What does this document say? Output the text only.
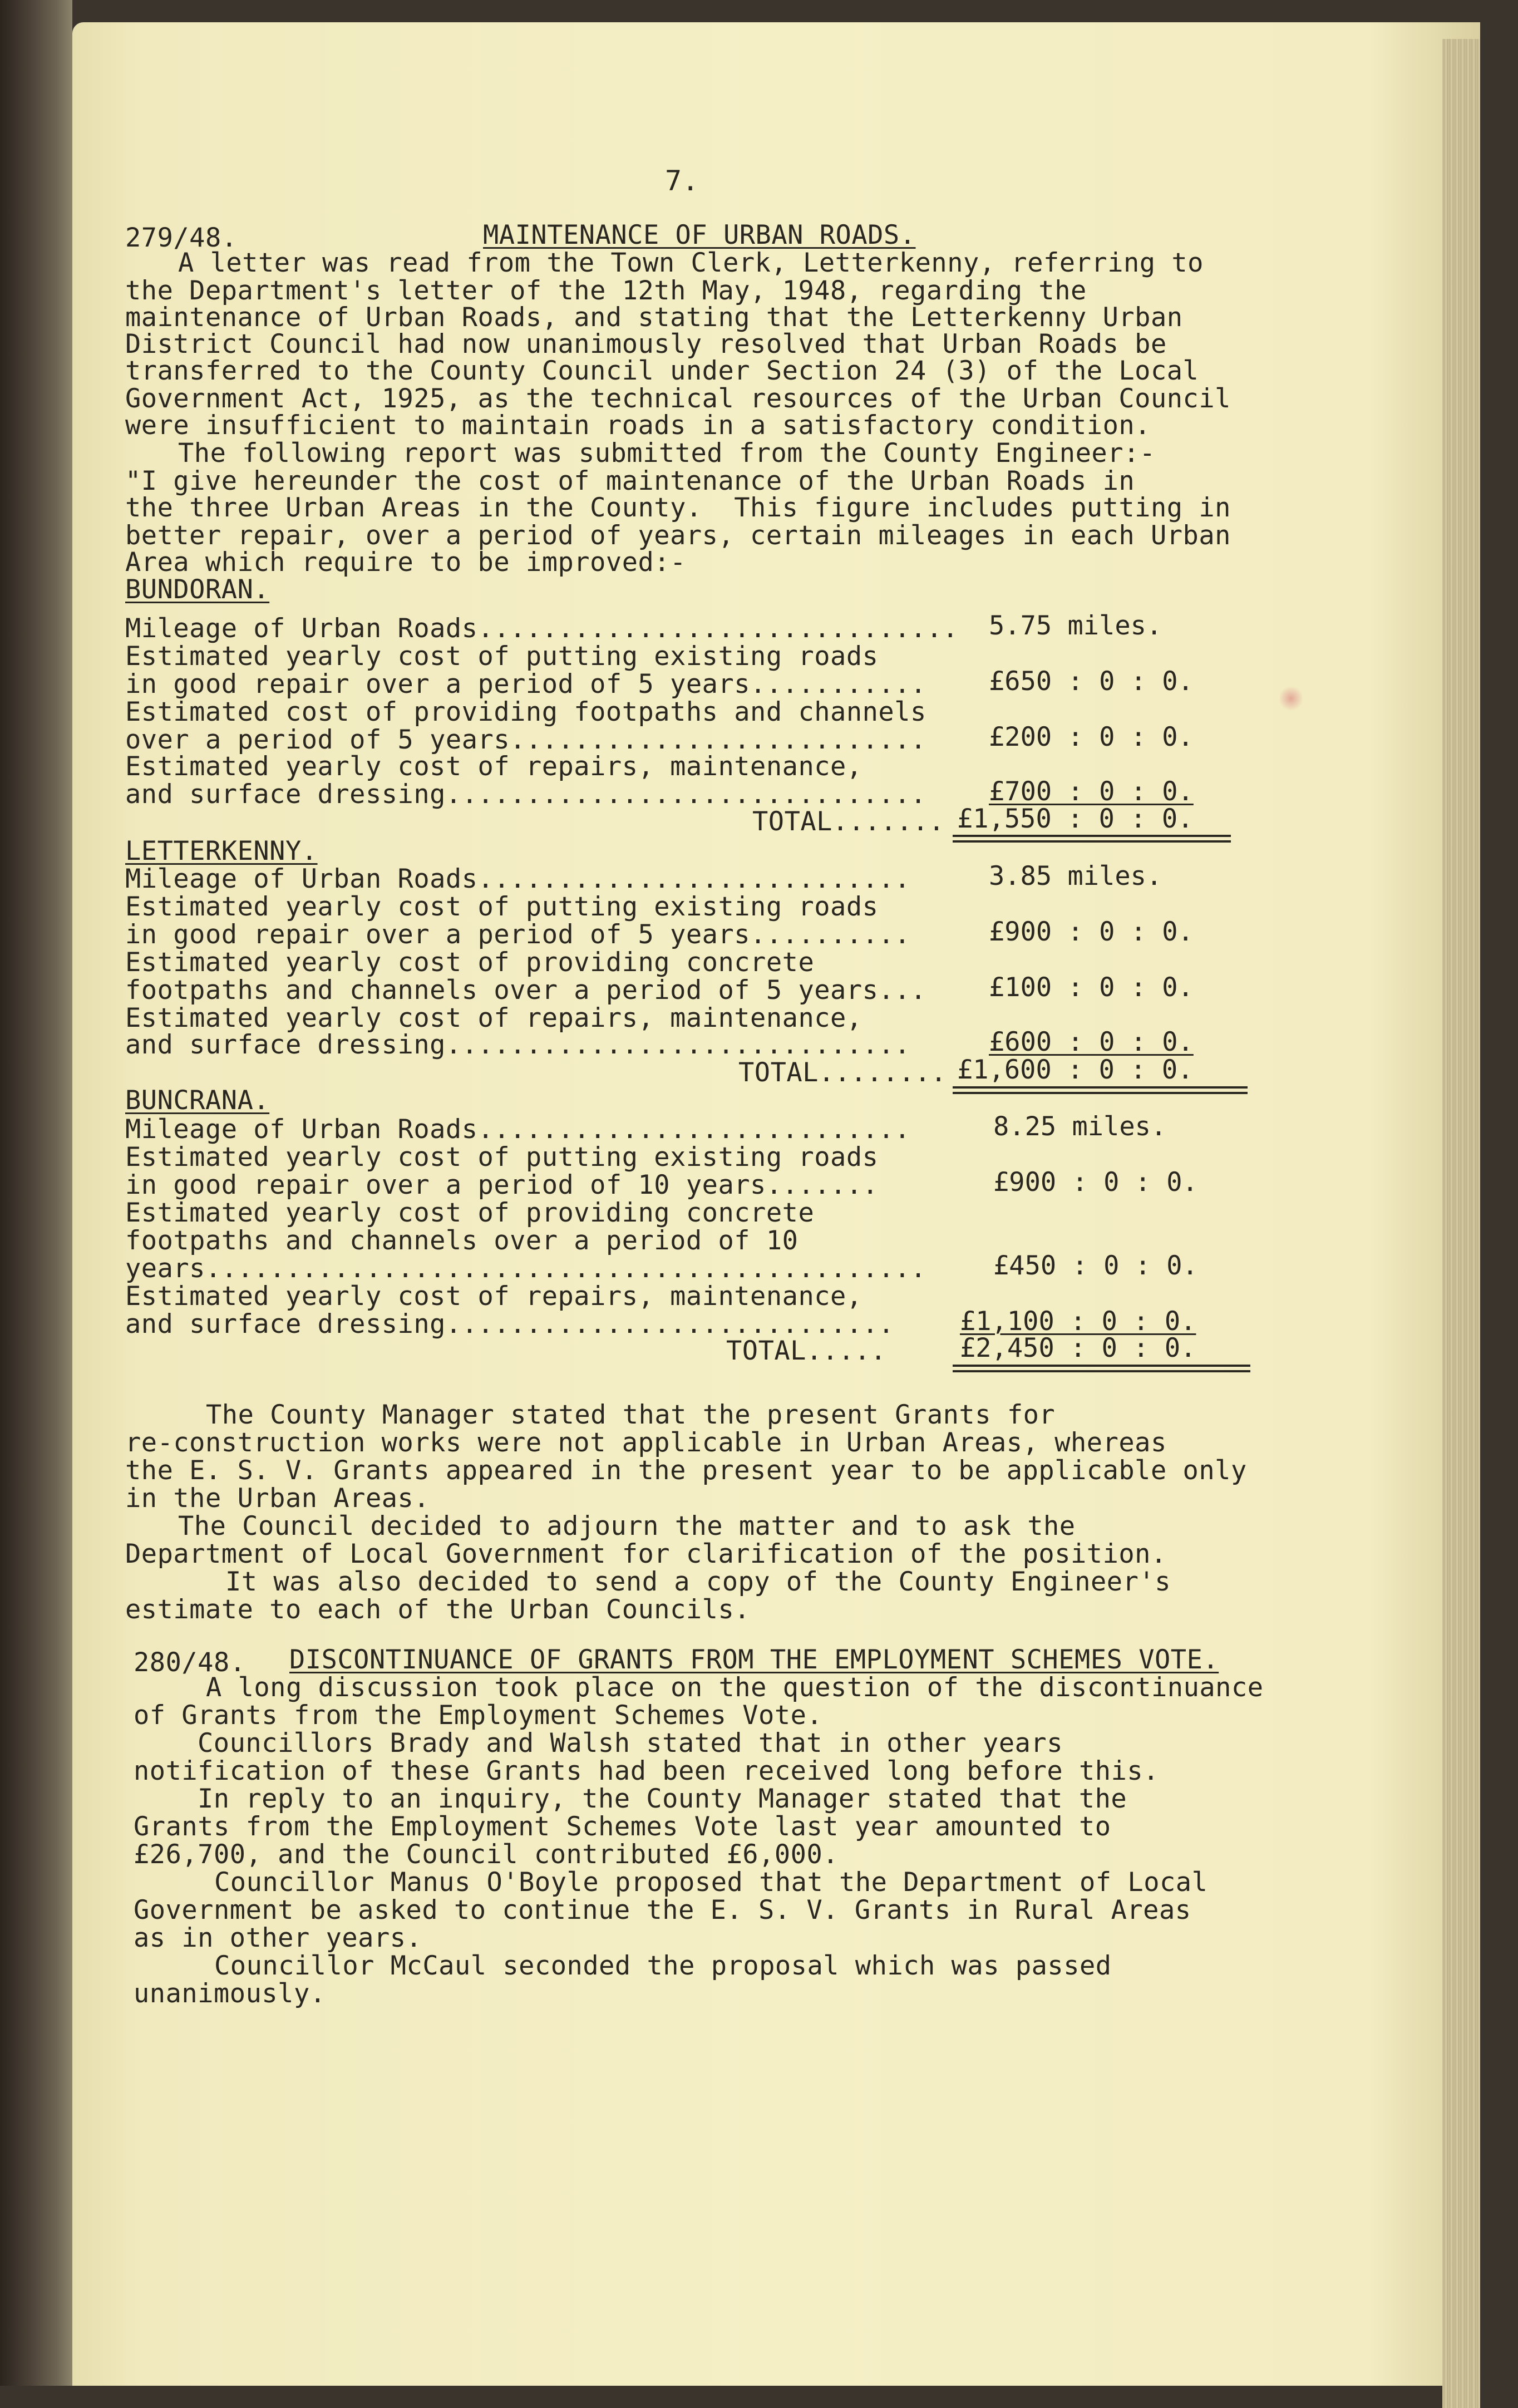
7.
279/48.	MAINTENANCE OF URBAN ROADS.
A letter was read from the Town Clerk, Letterkenny, referring to
the Department's letter of the 12th May, 1948, regarding the
maintenance of Urban Roads, and stating that the Letterkenny Urban
District Council had now unanimously resolved that Urban Roads be
transferred to the County Council under Section 24 (3) of the Local
Government Act, 1925, as the technical resources of the Urban Council
were insufficient to maintain roads in a satisfactory condition.
The following report was submitted from the County Engineer:-
"I give hereunder the cost of maintenance of the Urban Roads in
the three Urban Areas in the County.  This figure includes putting in
better repair, over a period of years, certain mileages in each Urban
Area which require to be improved:-
BUNDORAN.
Mileage of Urban Roads.............................. 5.75 miles.
Estimated yearly cost of putting existing roads
in good repair over a period of 5 years........... £650 : 0 : 0.
Estimated cost of providing footpaths and channels
over a period of 5 years.......................... £200 : 0 : 0.
Estimated yearly cost of repairs, maintenance,
and surface dressing.............................. £700 : 0 : 0.
TOTAL....... £1,550 : 0 : 0.
LETTERKENNY.
Mileage of Urban Roads...........................	3.85 miles.
Estimated yearly cost of putting existing roads
in good repair over a period of 5 years..........	£900 : 0 : 0.
Estimated yearly cost of providing concrete
footpaths and channels over a period of 5 years... £100 : 0 : 0.
Estimated yearly cost of repairs, maintenance,
and surface dressing.............................	£600 : 0 : 0.
TOTAL........ £1,600 : 0 : 0.
BUNCRANA.
Mileage of Urban Roads...........................	8.25 miles.
Estimated yearly cost of putting existing roads
in good repair over a period of 10 years.......	£900 : 0 : 0.
Estimated yearly cost of providing concrete
footpaths and channels over a period of 10
years.............................................	£450 : 0 : 0.
Estimated yearly cost of repairs, maintenance,
and surface dressing............................	£1,100 : 0 : 0.
TOTAL.....	£2,450 : 0 : 0.
The County Manager stated that the present Grants for
re-construction works were not applicable in Urban Areas, whereas
the E. S. V. Grants appeared in the present year to be applicable only
in the Urban Areas.
The Council decided to adjourn the matter and to ask the
Department of Local Government for clarification of the position.
It was also decided to send a copy of the County Engineer's
estimate to each of the Urban Councils.
280/48. DISCONTINUANCE OF GRANTS FROM THE EMPLOYMENT SCHEMES VOTE.
A long discussion took place on the question of the discontinuance
of Grants from the Employment Schemes Vote.
Councillors Brady and Walsh stated that in other years
notification of these Grants had been received long before this.
In reply to an inquiry, the County Manager stated that the
Grants from the Employment Schemes Vote last year amounted to
£26,700, and the Council contributed £6,000.
Councillor Manus O'Boyle proposed that the Department of Local
Government be asked to continue the E. S. V. Grants in Rural Areas
as in other years.
Councillor McCaul seconded the proposal which was passed
unanimously.
